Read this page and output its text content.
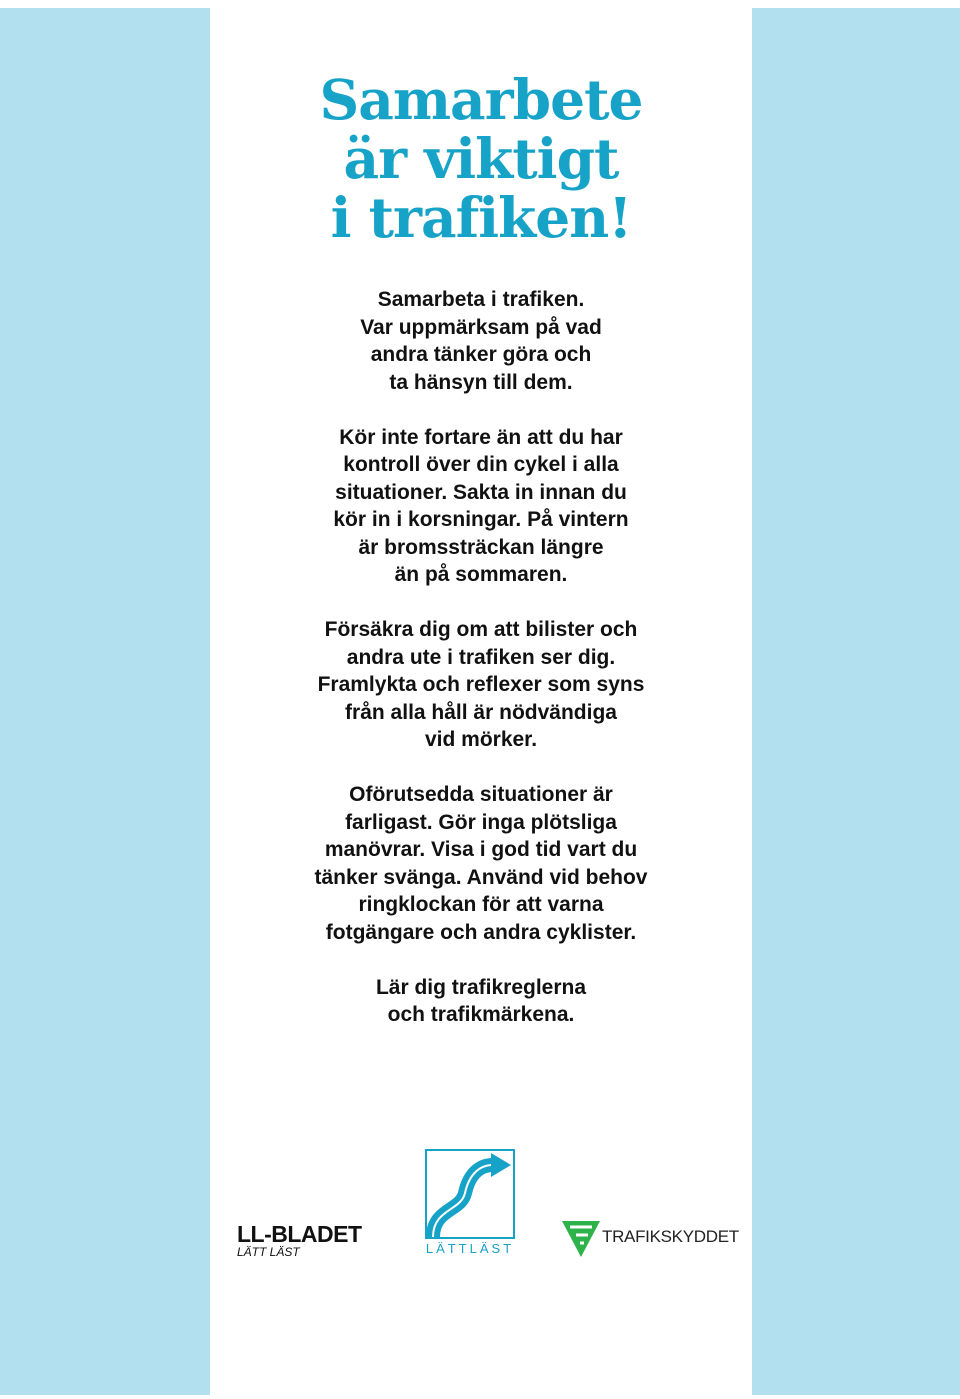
Samarbete
är viktigt
i trafiken!
Samarbeta i trafiken.
Var uppmärksam på vad
andra tänker göra och
ta hänsyn till dem.
Kör inte fortare än att du har
kontroll över din cykel i alla
situationer. Sakta in innan du
kör in i korsningar. På vintern
är bromssträckan längre
än på sommaren.
Försäkra dig om att bilister och
andra ute i trafiken ser dig.
Framlykta och reflexer som syns
från alla håll är nödvändiga
vid mörker.
Oförutsedda situationer är
farligast. Gör inga plötsliga
manövrar. Visa i god tid vart du
tänker svänga. Använd vid behov
ringklockan för att varna
fotgängare och andra cyklister.
Lär dig trafikreglerna
och trafikmärkena.
LL-BLADET
LÄTT LÄST	LÄTTLÄST
TRAFIKSKYDDET
